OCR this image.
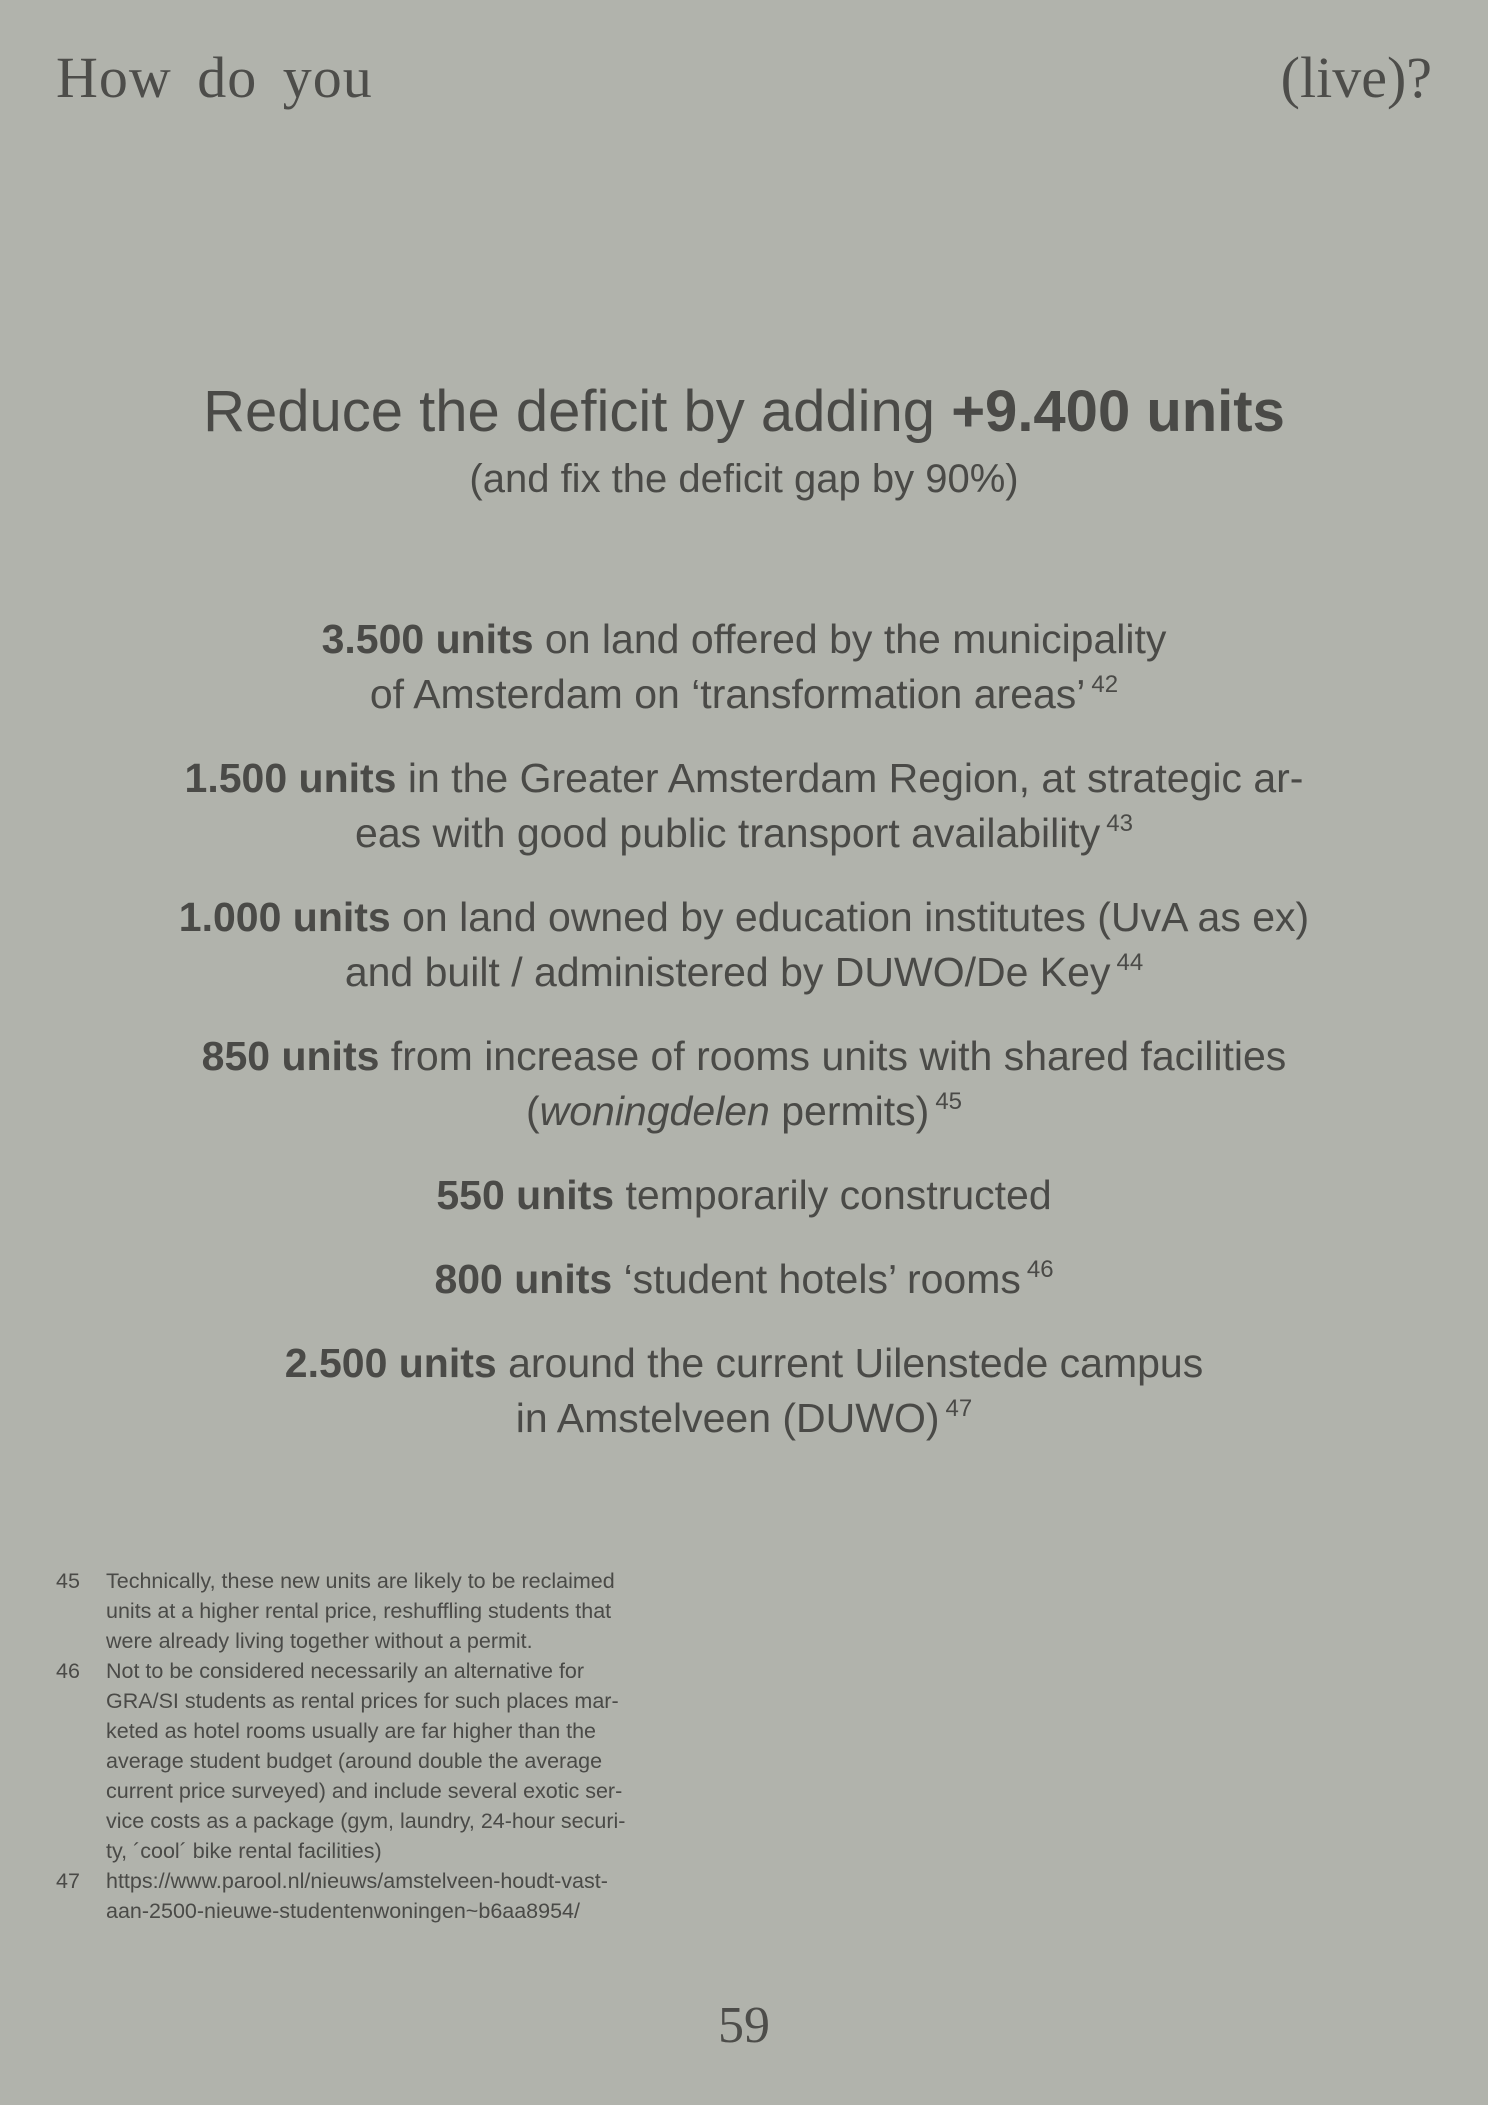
How do you	(live)?
Reduce the deficit by adding +9.400 units
(and fix the deficit gap by 90%)
3.500 units on land offered by the municipality
of Amsterdam on ‘transformation areas’ $^{42}$
1.500 units in the Greater Amsterdam Region, at strategic ar-
eas with good public transport availability $^{43}$
1.000 units on land owned by education institutes (UvA as ex)
and built / administered by DUWO/De Key $^{44}$
850 units from increase of rooms units with shared facilities
(woningdelen permits) $^{45}$
550 units temporarily constructed
800 units ‘student hotels’ rooms $^{46}$
2.500 units around the current Uilenstede campus
in Amstelveen (DUWO) $^{47}$
45	Technically, these new units are likely to be reclaimed
units at a higher rental price, reshuffling students that
were already living together without a permit.
46	Not to be considered necessarily an alternative for
GRA/SI students as rental prices for such places mar-
keted as hotel rooms usually are far higher than the
average student budget (around double the average
current price surveyed) and include several exotic ser-
vice costs as a package (gym, laundry, 24-hour securi-
ty, ´cool´ bike rental facilities)
47	https://www.parool.nl/nieuws/amstelveen-houdt-vast-
aan-2500-nieuwe-studentenwoningen~b6aa8954/
59
